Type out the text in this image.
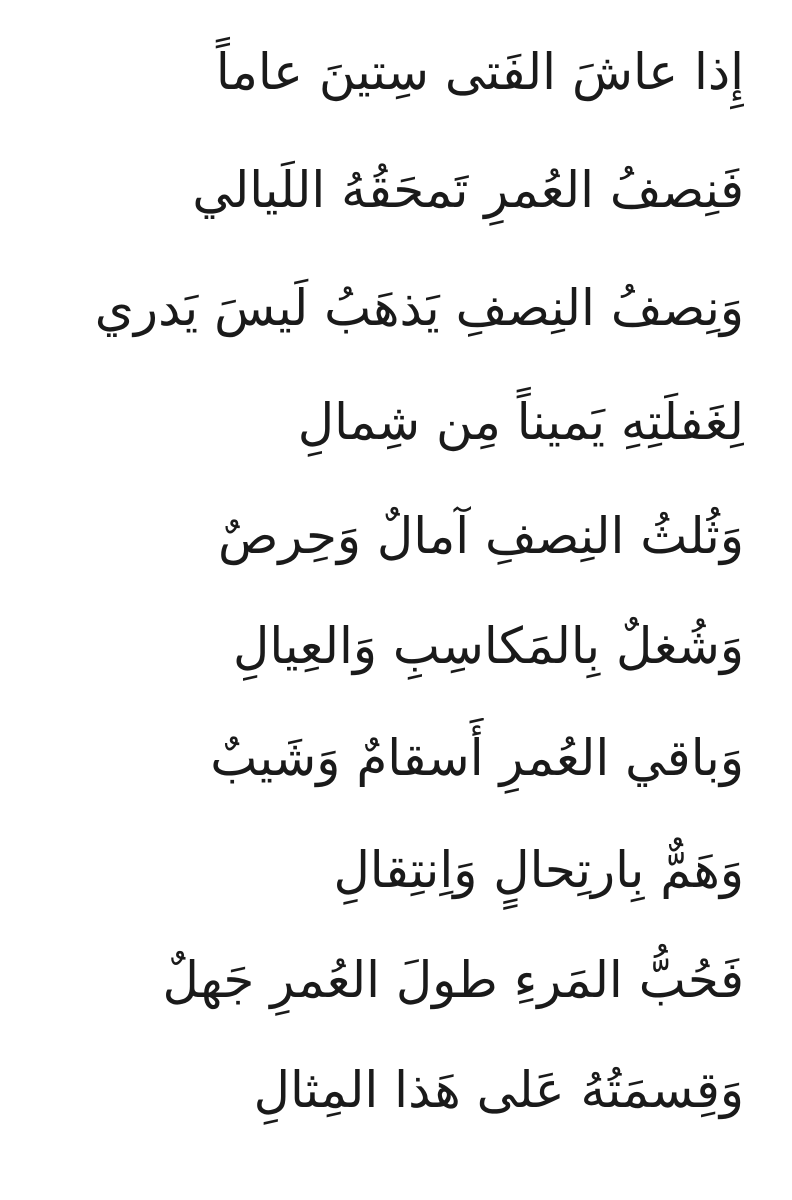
إِذا عاشَ الفَتى سِتينَ عاماً
فَنِصفُ العُمرِ تَمحَقُهُ اللَيالي
وَنِصفُ النِصفِ يَذهَبُ لَيسَ يَدري
لِغَفلَتِهِ يَميناً مِن شِمالِ
وَثُلثُ النِصفِ آمالٌ وَحِرصٌ
وَشُغلٌ بِالمَكاسِبِ وَالعِيالِ
وَباقي العُمرِ أَسقامٌ وَشَيبٌ
وَهَمٌّ بِارتِحالٍ وَاِنتِقالِ
فَحُبُّ المَرءِ طولَ العُمرِ جَهلٌ
وَقِسمَتُهُ عَلى هَذا المِثالِ
